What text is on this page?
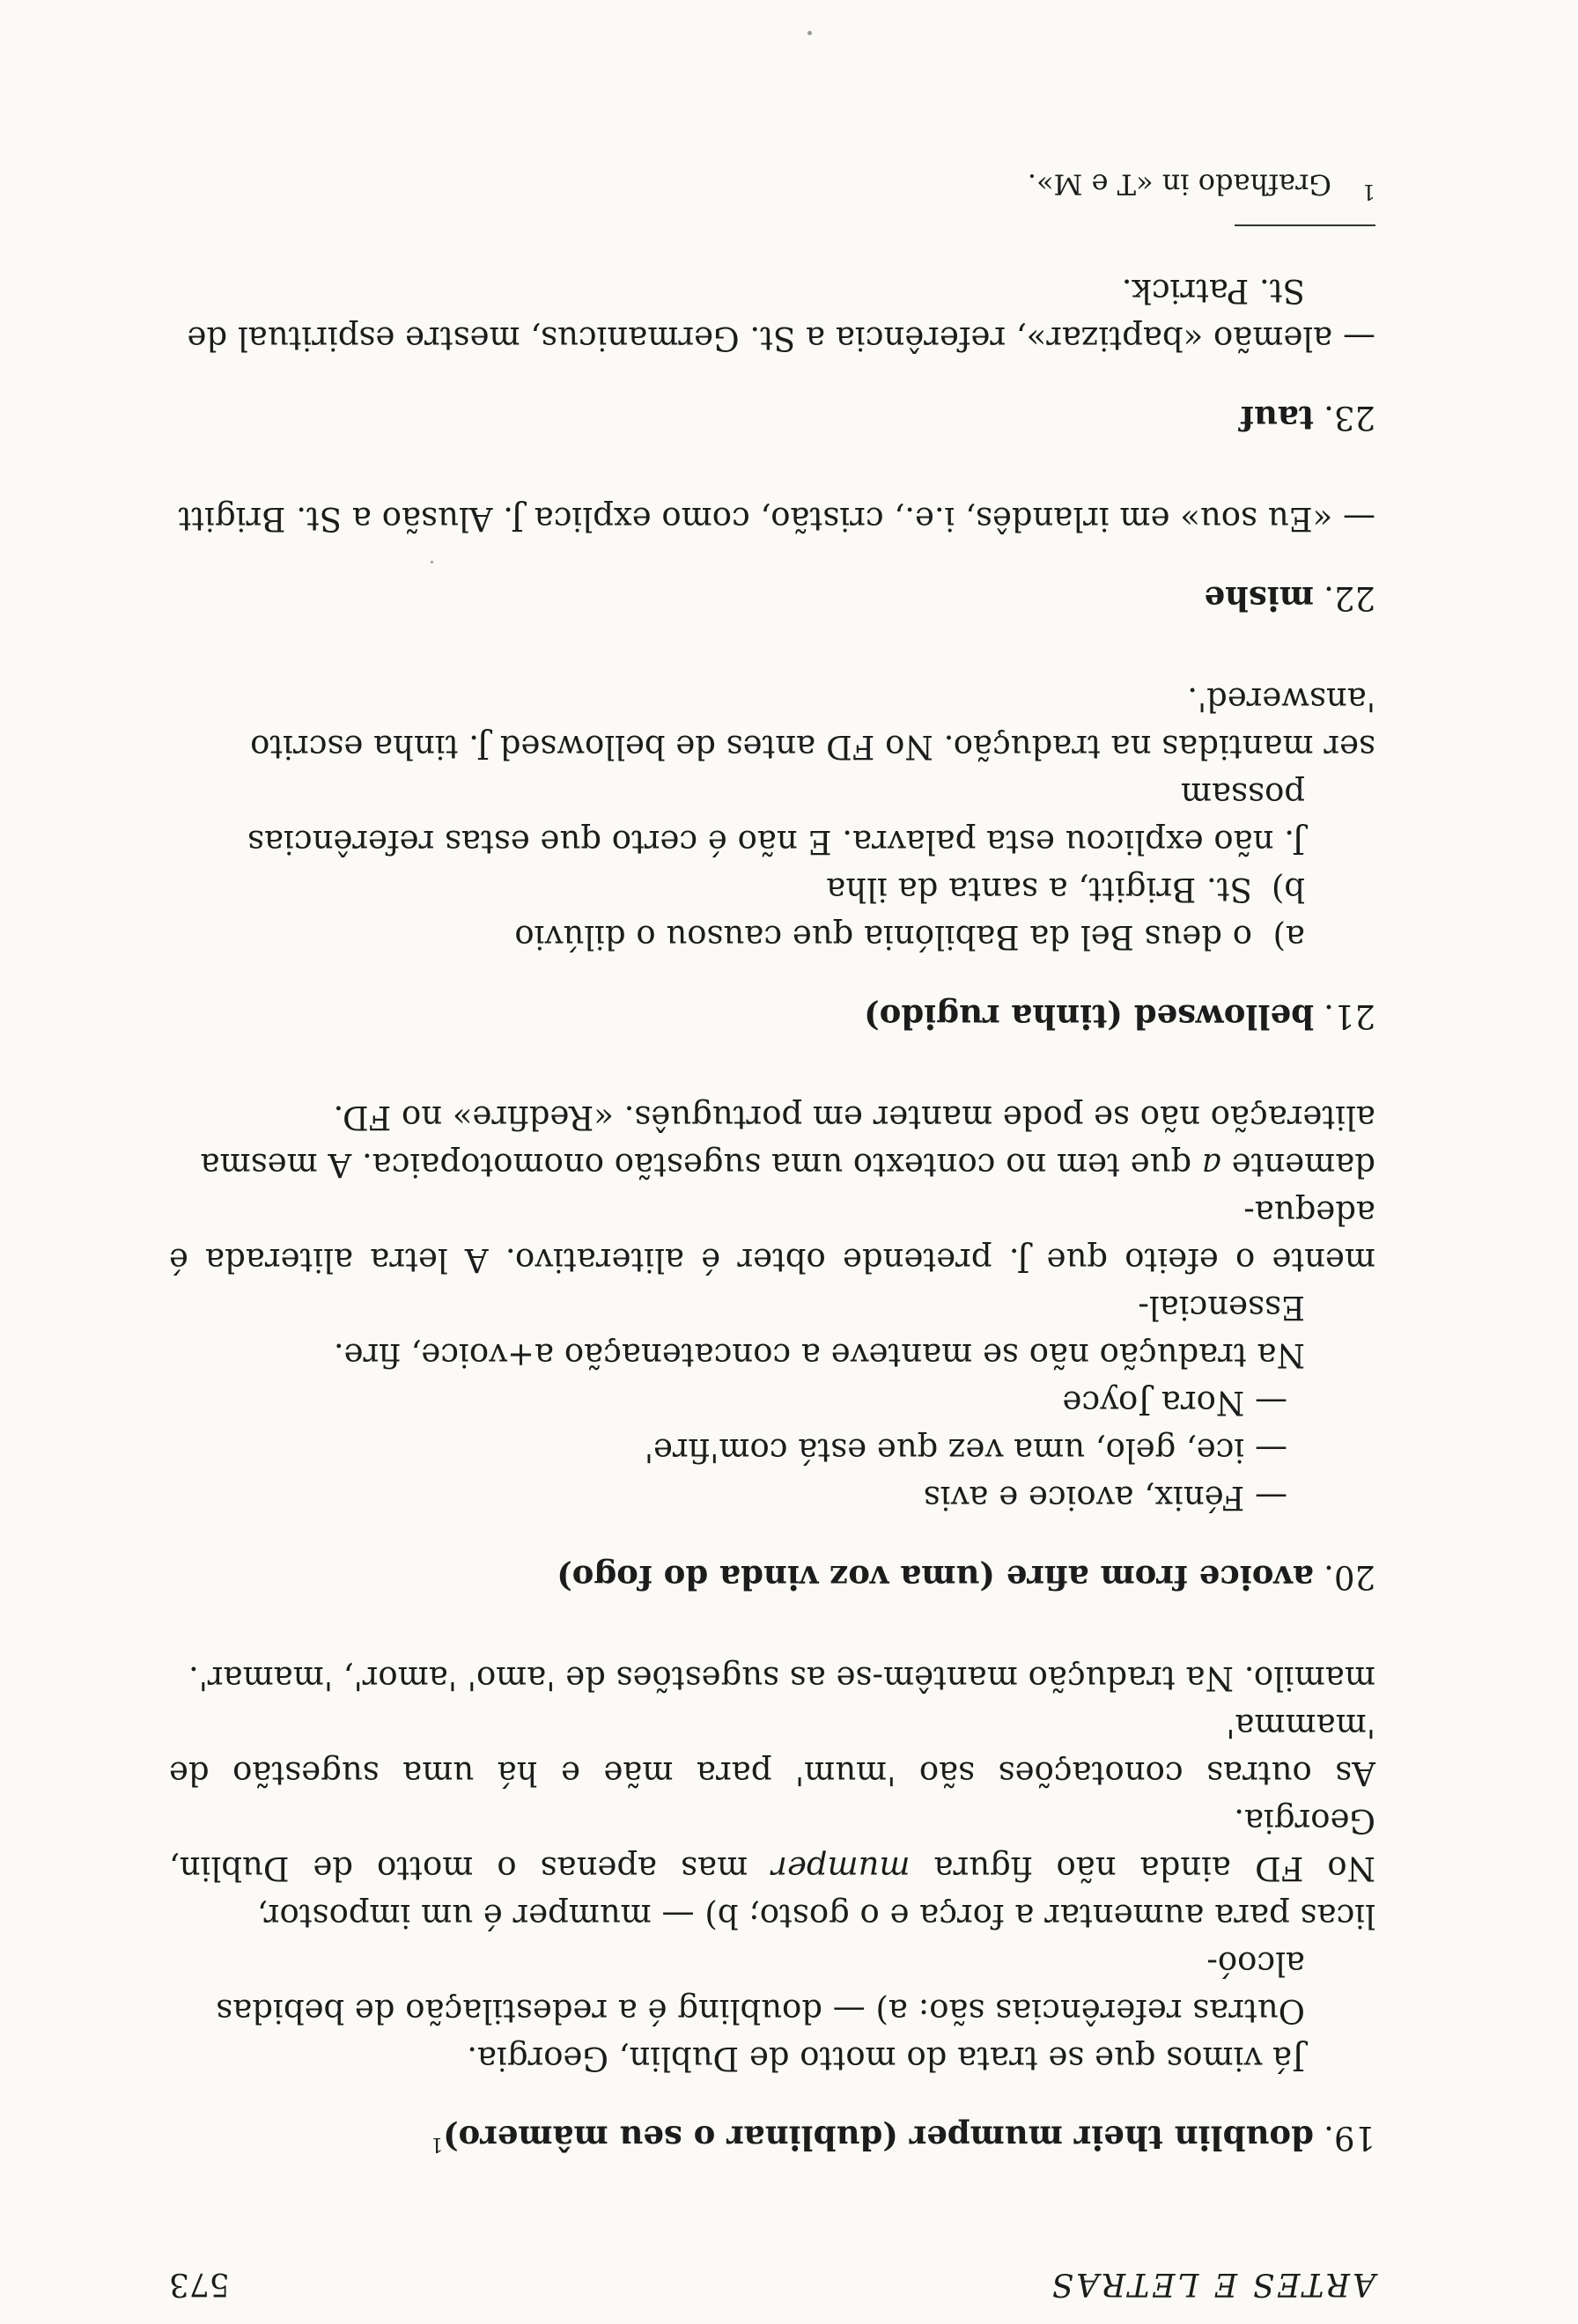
ARTES E LETRAS
573

19.doublin their mumper (dublinar o seu mâmero)$^1$

Já vimos que se trata do motto de Dublin, Georgia.

Outras referências são: a) — doubling é a redestilação de bebidas alcoó-

licas para aumentar a força e o gosto; b) — mumper é um impostor,

No FD ainda não figura mumper mas apenas o motto de Dublin, Georgia.

As outras conotações são 'mum' para mãe e há uma sugestão de 'mamma'

mamilo. Na tradução mantêm-se as sugestões de 'amo' 'amor', 'mamar'.

20.avoice from afire (uma voz vinda do fogo)

— Fénix, avoice e avis

— ice, gelo, uma vez que está com'fire'

— Nora Joyce

Na tradução não se manteve a concatenação a+voice, fire. Essencial-

mente o efeito que J. pretende obter é aliterativo. A letra aliterada é adequa-

damente a que tem no contexto uma sugestão onomotopaica. A mesma

aliteração não se pode manter em português. «Redfire» no FD.

21.bellowsed (tinha rugido)

a)o deus Bel da Babilónia que causou o dilúvio

b)St. Brigitt, a santa da ilha

J. não explicou esta palavra. E não é certo que estas referências possam

ser mantidas na tradução. No FD antes de bellowsed J. tinha escrito

'answered'.

22.mishe

— «Eu sou» em irlandês, i.e., cristão, como explica J. Alusão a St. Brigitt

23.tauf

— alemão «baptizar», referência a St. Germanicus, mestre espiritual de

St. Patrick.

$^1$Grafhado in «T e M».
